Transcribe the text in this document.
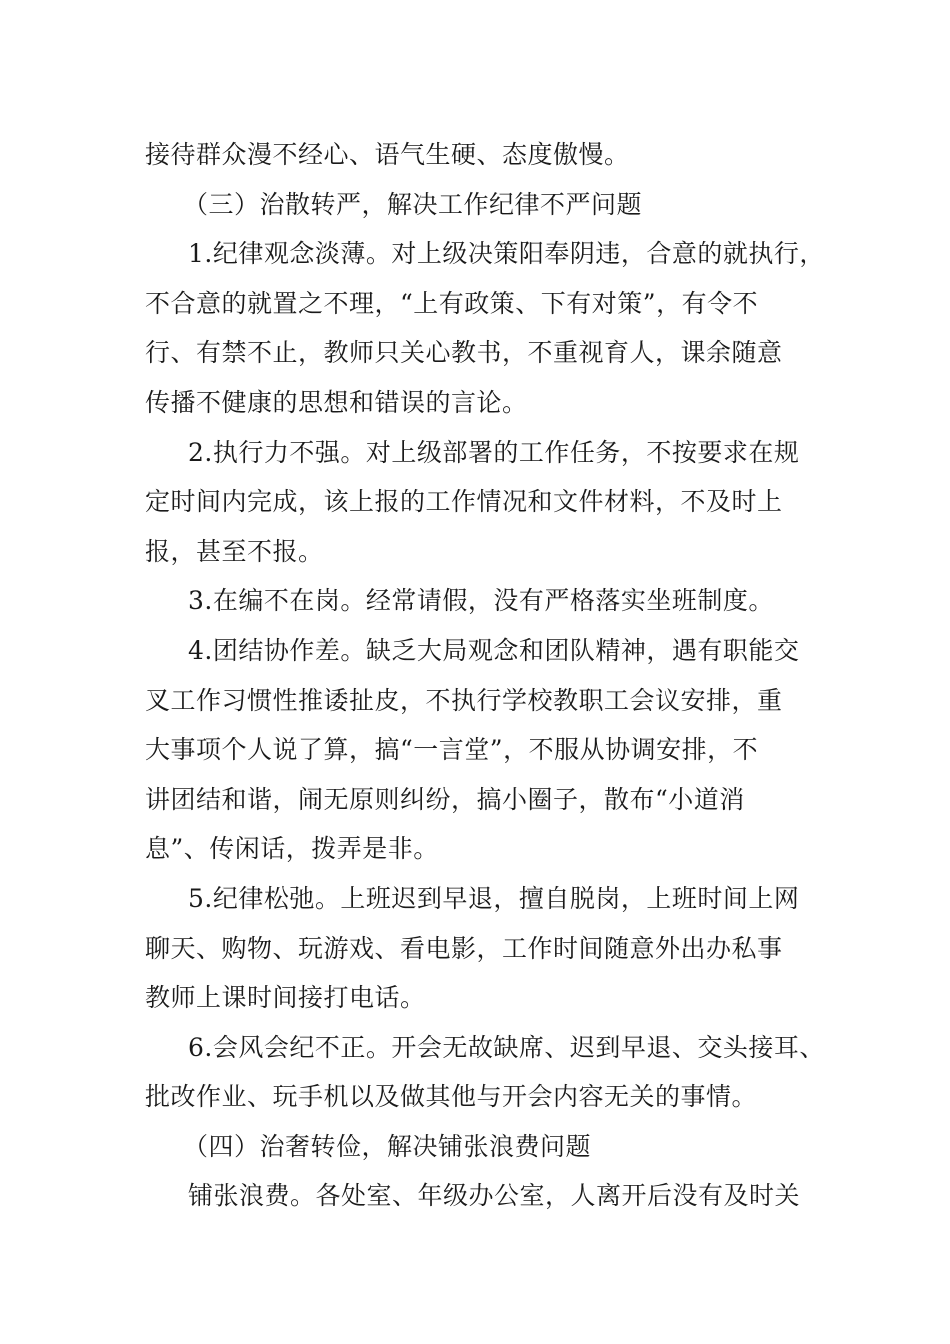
接待群众漫不经心、语气生硬、态度傲慢。
（三）治散转严，解决工作纪律不严问题
1.纪律观念淡薄。对上级决策阳奉阴违，合意的就执行，
不合意的就置之不理，“上有政策、下有对策”，有令不
行、有禁不止，教师只关心教书，不重视育人，课余随意
传播不健康的思想和错误的言论。
2.执行力不强。对上级部署的工作任务，不按要求在规
定时间内完成，该上报的工作情况和文件材料，不及时上
报，甚至不报。
3.在编不在岗。经常请假，没有严格落实坐班制度。
4.团结协作差。缺乏大局观念和团队精神，遇有职能交
叉工作习惯性推诿扯皮，不执行学校教职工会议安排，重
大事项个人说了算，搞“一言堂”，不服从协调安排，不
讲团结和谐，闹无原则纠纷，搞小圈子，散布“小道消
息”、传闲话，拨弄是非。
5.纪律松弛。上班迟到早退，擅自脱岗，上班时间上网
聊天、购物、玩游戏、看电影，工作时间随意外出办私事
教师上课时间接打电话。
6.会风会纪不正。开会无故缺席、迟到早退、交头接耳、
批改作业、玩手机以及做其他与开会内容无关的事情。
（四）治奢转俭，解决铺张浪费问题
铺张浪费。各处室、年级办公室，人离开后没有及时关
